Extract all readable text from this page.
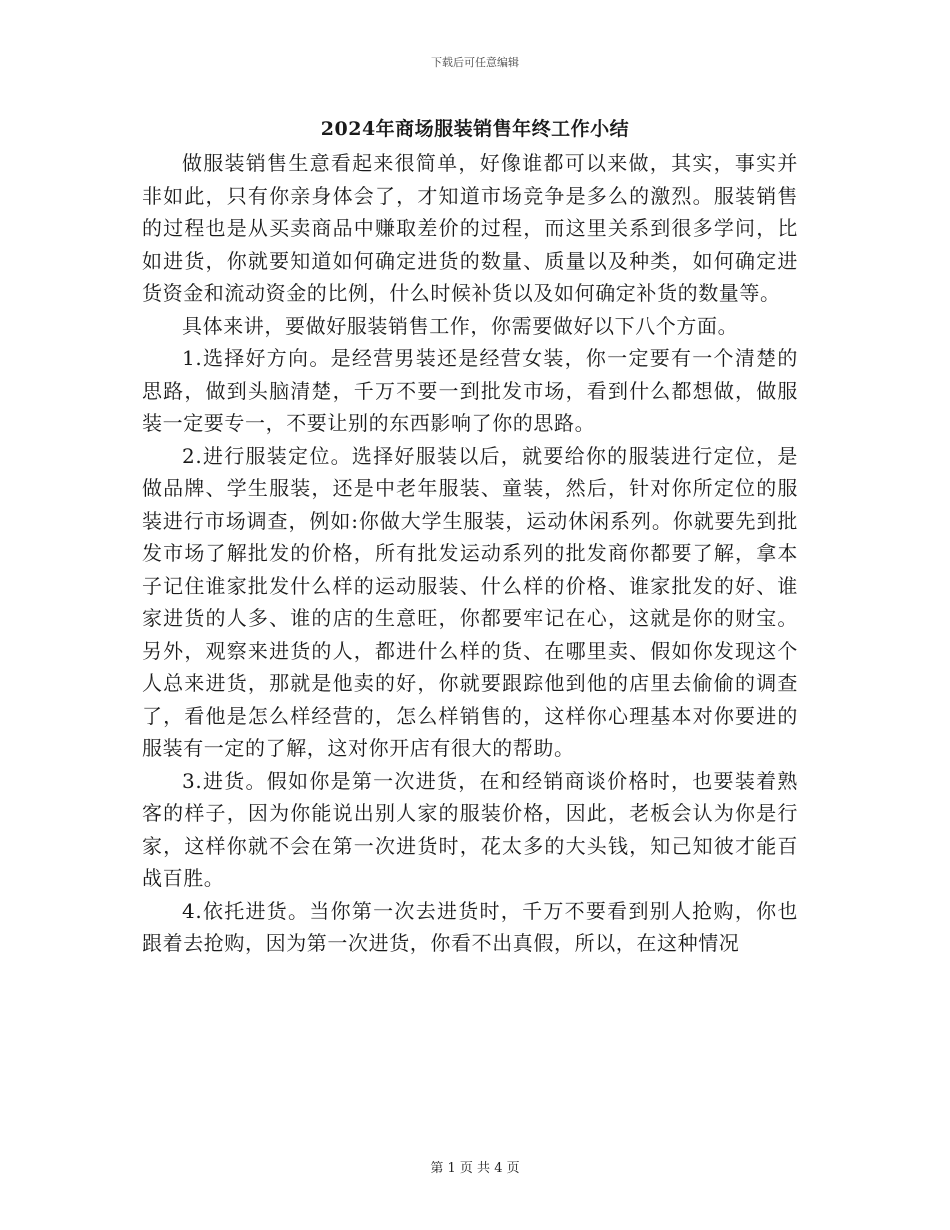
下载后可任意编辑
2024年商场服装销售年终工作小结

做服装销售生意看起来很简单，好像谁都可以来做，其实，事实并非如此，只有你亲身体会了，才知道市场竞争是多么的激烈。服装销售的过程也是从买卖商品中赚取差价的过程，而这里关系到很多学问，比如进货，你就要知道如何确定进货的数量、质量以及种类，如何确定进货资金和流动资金的比例，什么时候补货以及如何确定补货的数量等。

具体来讲，要做好服装销售工作，你需要做好以下八个方面。

1.选择好方向。是经营男装还是经营女装，你一定要有一个清楚的思路，做到头脑清楚，千万不要一到批发市场，看到什么都想做，做服装一定要专一，不要让别的东西影响了你的思路。

2.进行服装定位。选择好服装以后，就要给你的服装进行定位，是做品牌、学生服装，还是中老年服装、童装，然后，针对你所定位的服装进行市场调查，例如:你做大学生服装，运动休闲系列。你就要先到批发市场了解批发的价格，所有批发运动系列的批发商你都要了解，拿本子记住谁家批发什么样的运动服装、什么样的价格、谁家批发的好、谁家进货的人多、谁的店的生意旺，你都要牢记在心，这就是你的财宝。另外，观察来进货的人，都进什么样的货、在哪里卖、假如你发现这个人总来进货，那就是他卖的好，你就要跟踪他到他的店里去偷偷的调查了，看他是怎么样经营的，怎么样销售的，这样你心理基本对你要进的服装有一定的了解，这对你开店有很大的帮助。

3.进货。假如你是第一次进货，在和经销商谈价格时，也要装着熟客的样子，因为你能说出别人家的服装价格，因此，老板会认为你是行家，这样你就不会在第一次进货时，花太多的大头钱，知己知彼才能百战百胜。

4.依托进货。当你第一次去进货时，千万不要看到别人抢购，你也跟着去抢购，因为第一次进货，你看不出真假，所以，在这种情况

第 1 页 共 4 页
